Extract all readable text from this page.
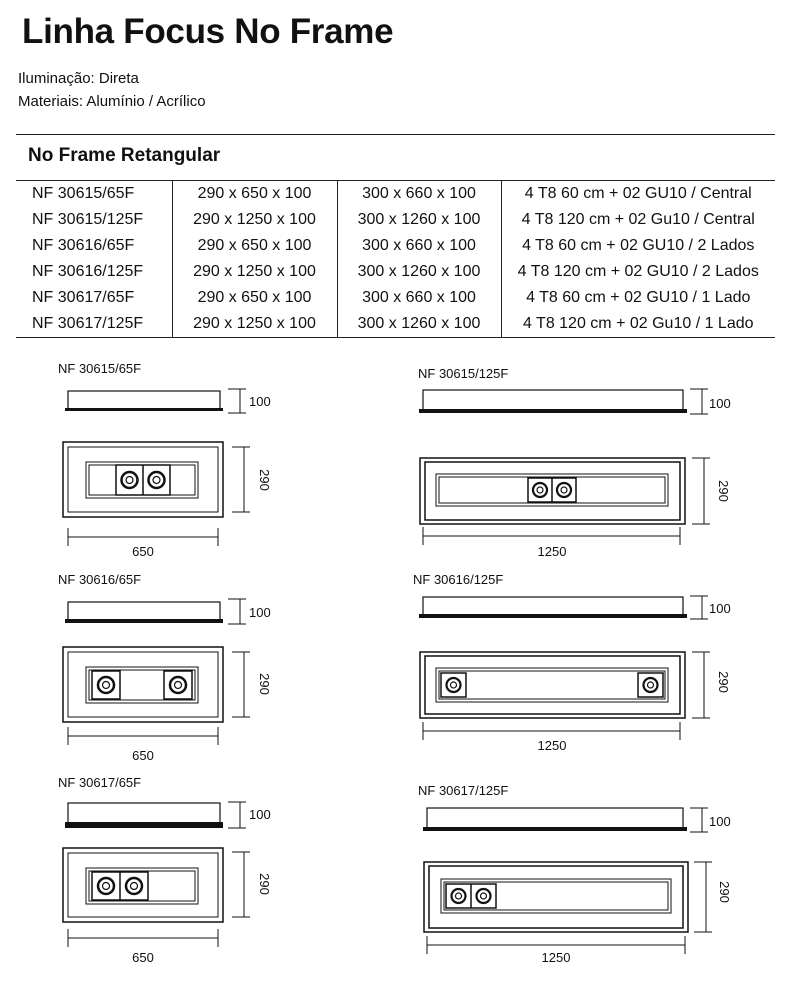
Linha Focus No Frame
Iluminação: Direta
Materiais: Alumínio / Acrílico
No Frame Retangular
NF 30615/65F	290 x 650 x 100	300 x 660 x 100	4 T8 60 cm + 02 GU10 / Central
NF 30615/125F	290 x 1250 x 100	300 x 1260 x 100	4 T8 120 cm + 02 Gu10 / Central
NF 30616/65F	290 x 650 x 100	300 x 660 x 100	4 T8 60 cm + 02 GU10 / 2 Lados
NF 30616/125F	290 x 1250 x 100	300 x 1260 x 100	4 T8 120 cm + 02 GU10 / 2 Lados
NF 30617/65F	290 x 650 x 100	300 x 660 x 100	4 T8 60 cm + 02 GU10 / 1 Lado
NF 30617/125F	290 x 1250 x 100	300 x 1260 x 100	4 T8 120 cm + 02 Gu10 / 1 Lado
NF 30615/65F	NF 30615/125F
NF 30616/65F	NF 30616/125F
NF 30617/65F
NF 30617/125F
100
290
650
100
290
1250
100
290
650
100
290
1250
100
290
650
100
290
1250
